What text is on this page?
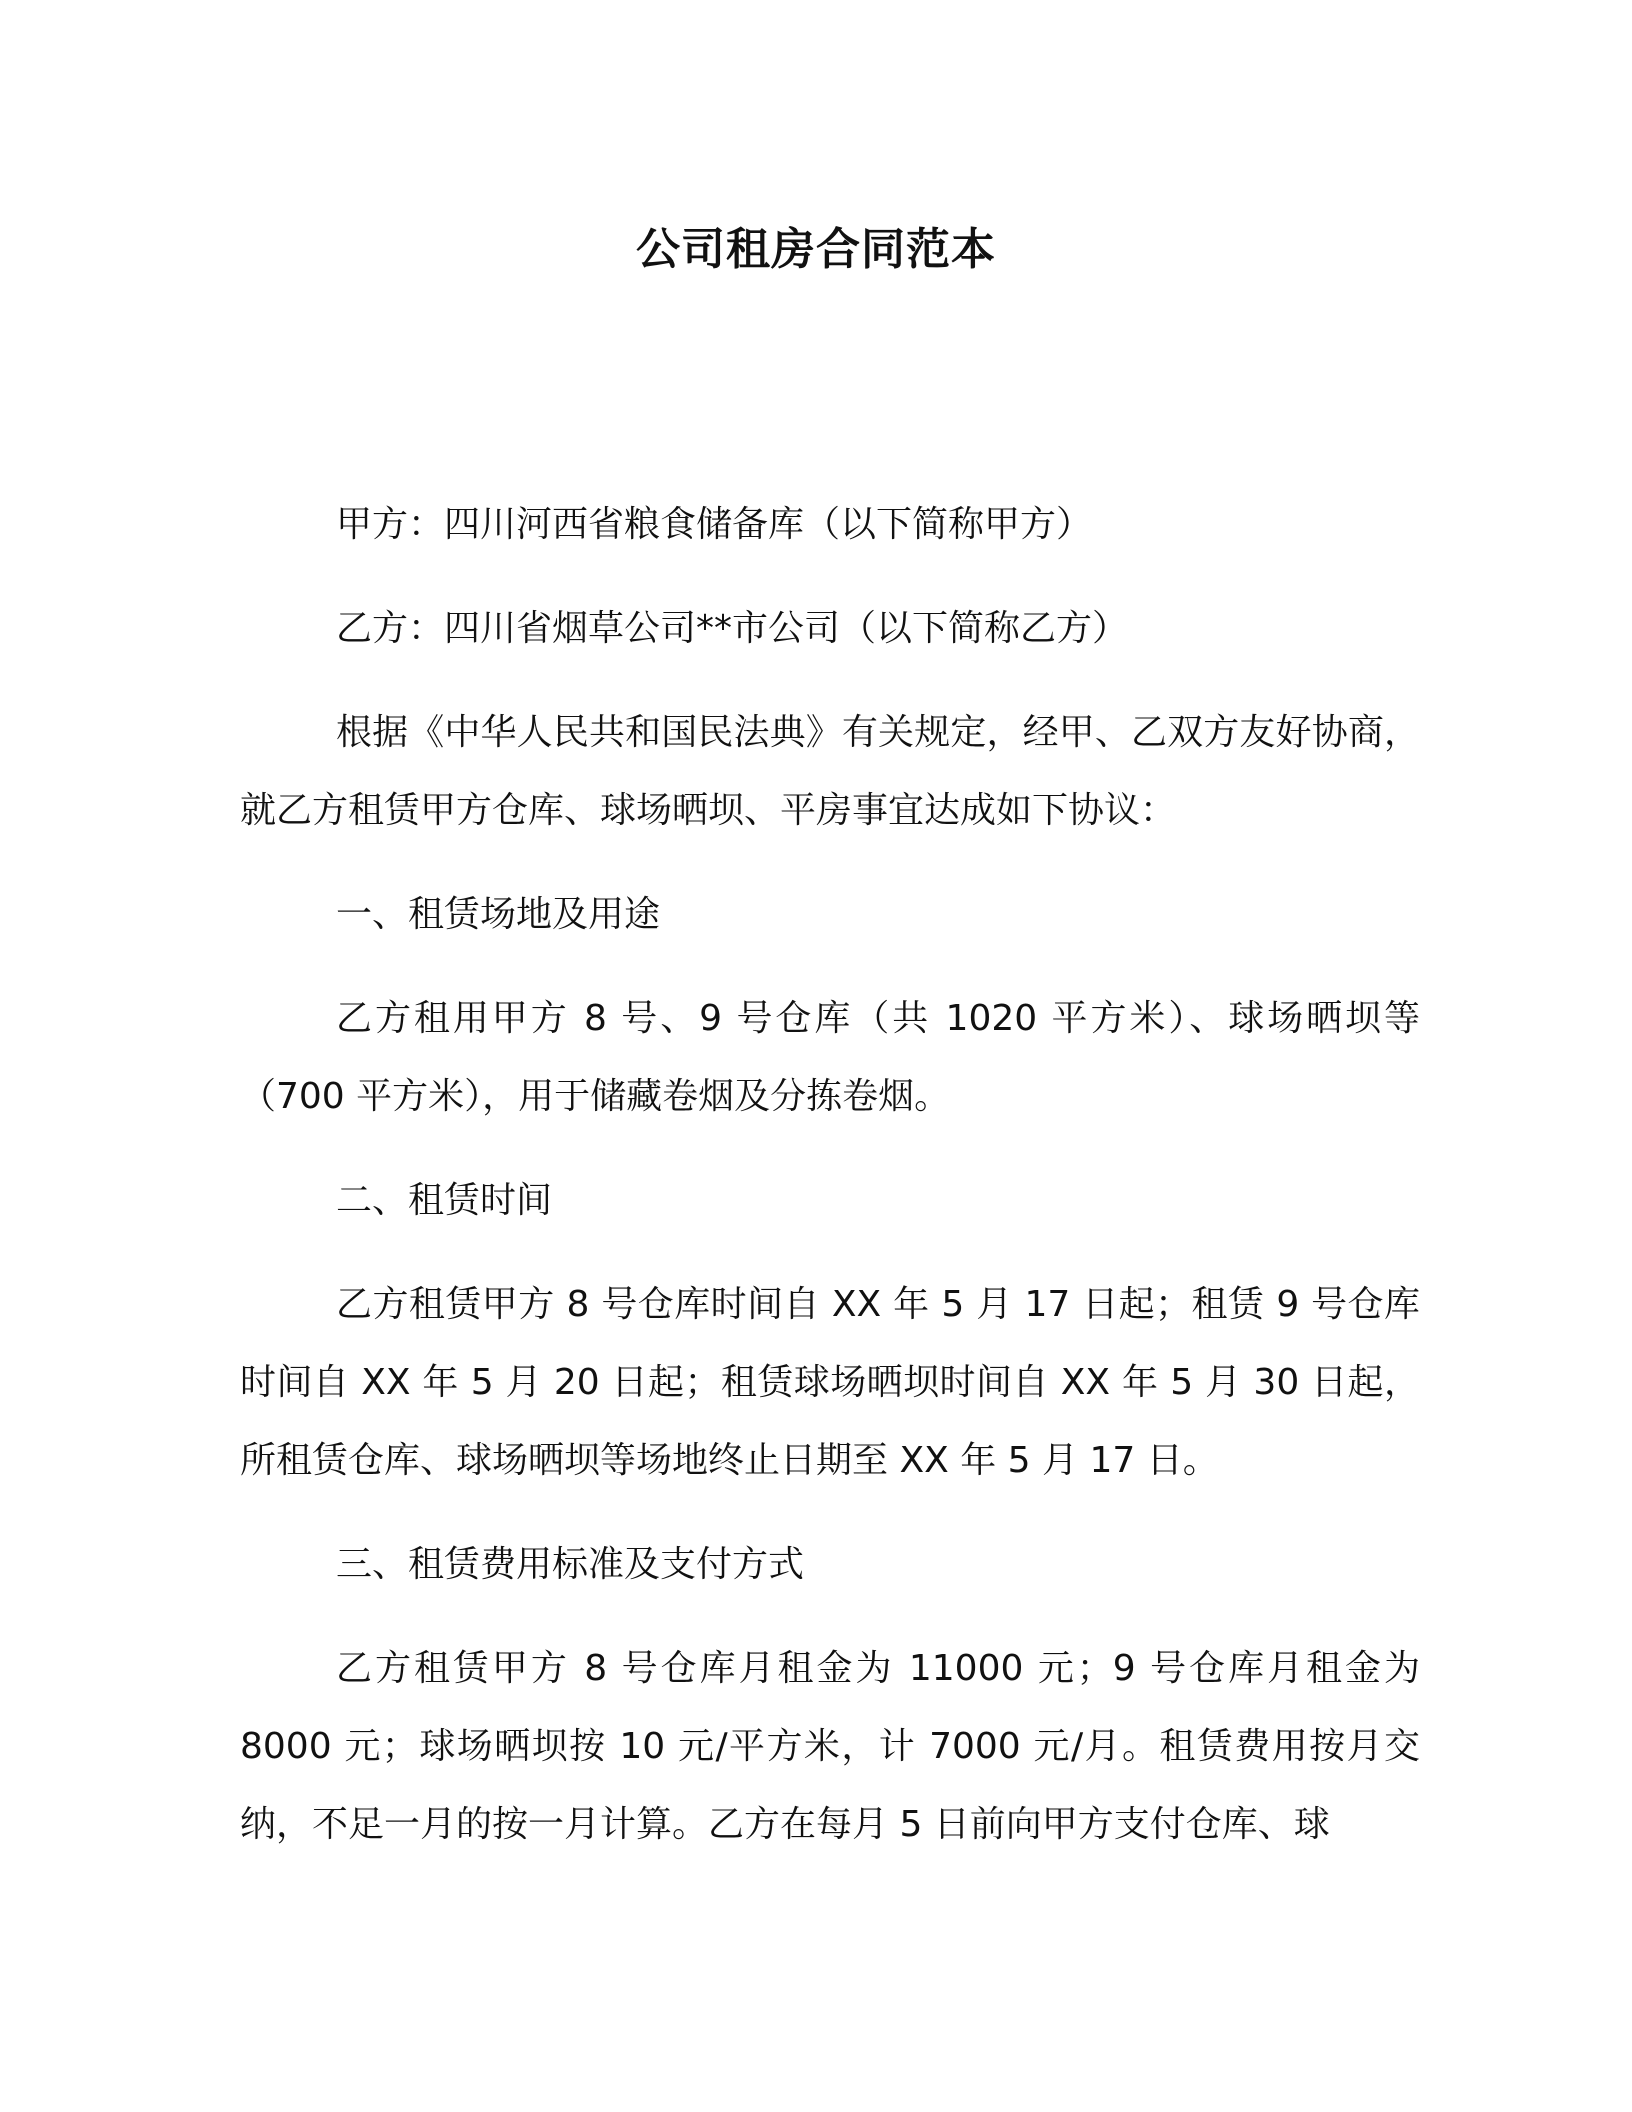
公司租房合同范本

甲方：四川河西省粮食储备库（以下简称甲方）

乙方：四川省烟草公司**市公司（以下简称乙方）

根据《中华人民共和国民法典》有关规定，经甲、乙双方友好协商，就乙方租赁甲方仓库、球场晒坝、平房事宜达成如下协议：

一、租赁场地及用途

乙方租用甲方 8 号、9 号仓库（共 1020 平方米）、球场晒坝等（700 平方米），用于储藏卷烟及分拣卷烟。

二、租赁时间

乙方租赁甲方 8 号仓库时间自 XX 年 5 月 17 日起；租赁 9 号仓库时间自 XX 年 5 月 20 日起；租赁球场晒坝时间自 XX 年 5 月 30 日起，所租赁仓库、球场晒坝等场地终止日期至 XX 年 5 月 17 日。

三、租赁费用标准及支付方式

乙方租赁甲方 8 号仓库月租金为 11000 元；9 号仓库月租金为 8000 元；球场晒坝按 10 元/平方米，计 7000 元/月。租赁费用按月交纳，不足一月的按一月计算。乙方在每月 5 日前向甲方支付仓库、球
